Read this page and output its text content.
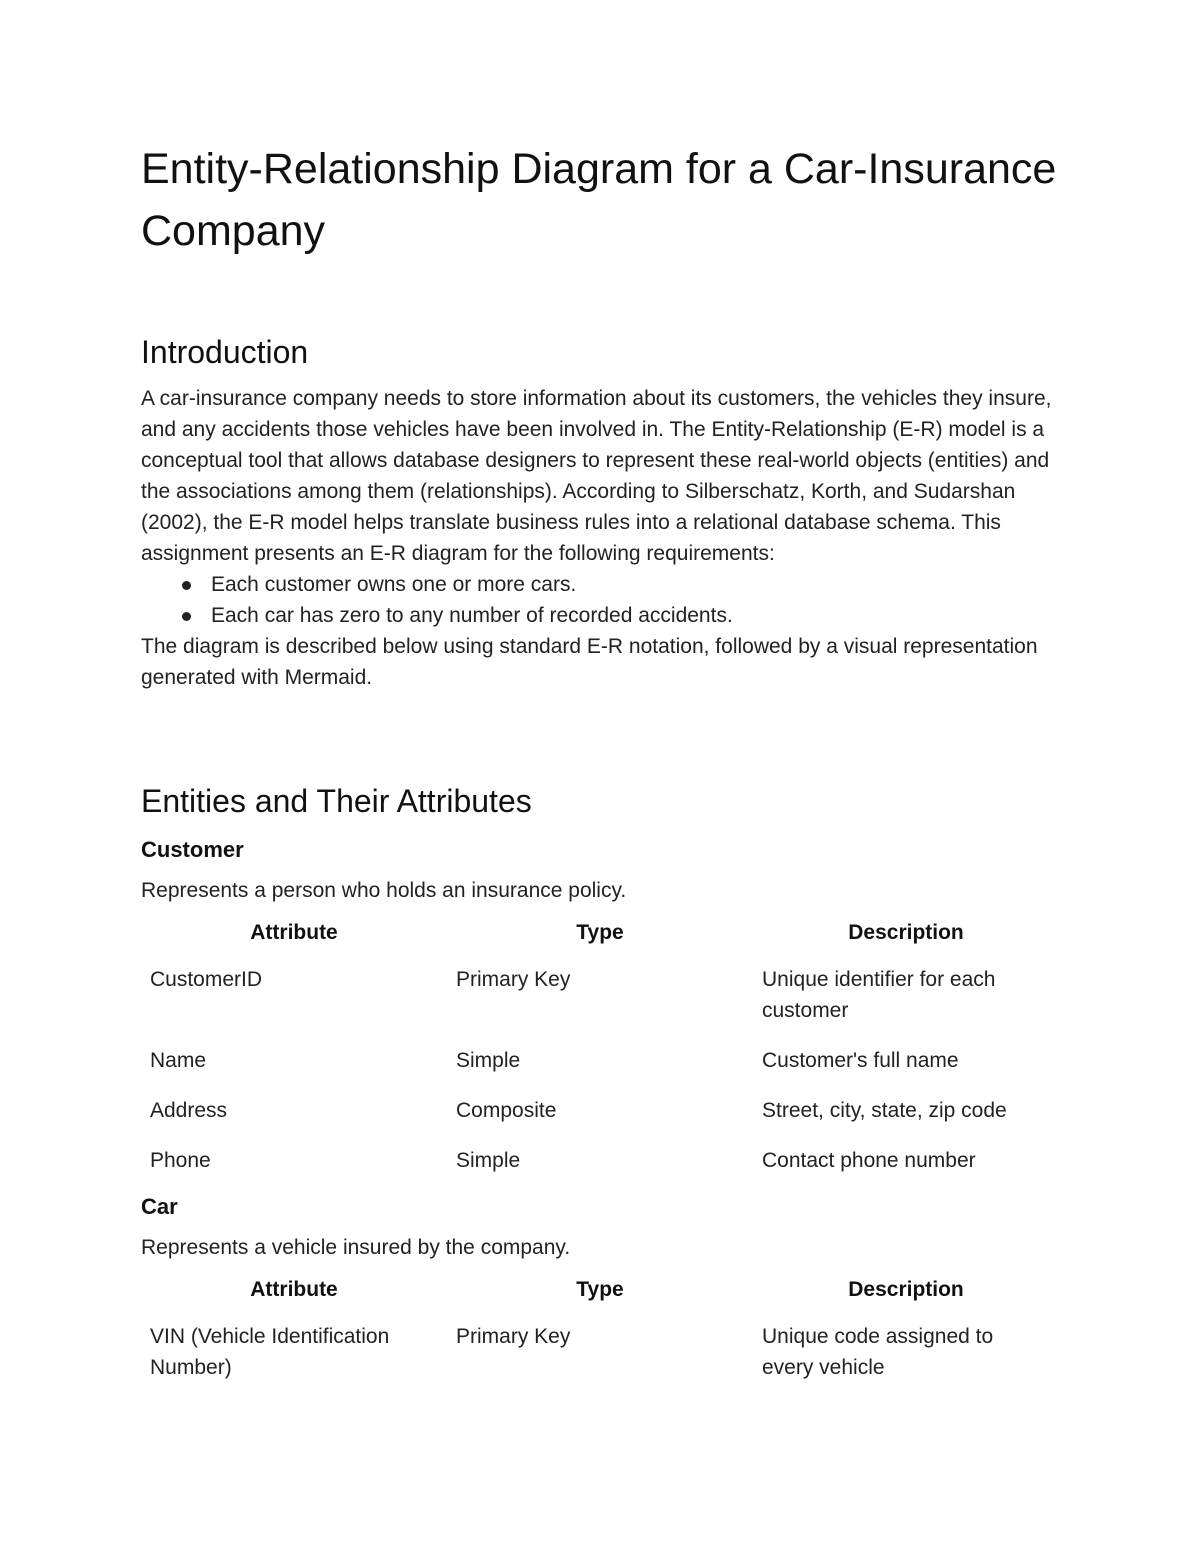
Entity-Relationship Diagram for a Car-Insurance Company
Introduction

A car-insurance company needs to store information about its customers, the vehicles they insure, and any accidents those vehicles have been involved in. The Entity-Relationship (E-R) model is a conceptual tool that allows database designers to represent these real-world objects (entities) and the associations among them (relationships). According to Silberschatz, Korth, and Sudarshan (2002), the E-R model helps translate business rules into a relational database schema. This assignment presents an E-R diagram for the following requirements:

Each customer owns one or more cars.
Each car has zero to any number of recorded accidents.

The diagram is described below using standard E-R notation, followed by a visual representation generated with Mermaid.

Entities and Their Attributes
Customer

Represents a person who holds an insurance policy.

Attribute	Type	Description
CustomerID	Primary Key	Unique identifier for each customer
Name	Simple	Customer's full name
Address	Composite	Street, city, state, zip code
Phone	Simple	Contact phone number
Car

Represents a vehicle insured by the company.

Attribute	Type	Description
VIN (Vehicle Identification Number)	Primary Key	Unique code assigned to every vehicle
